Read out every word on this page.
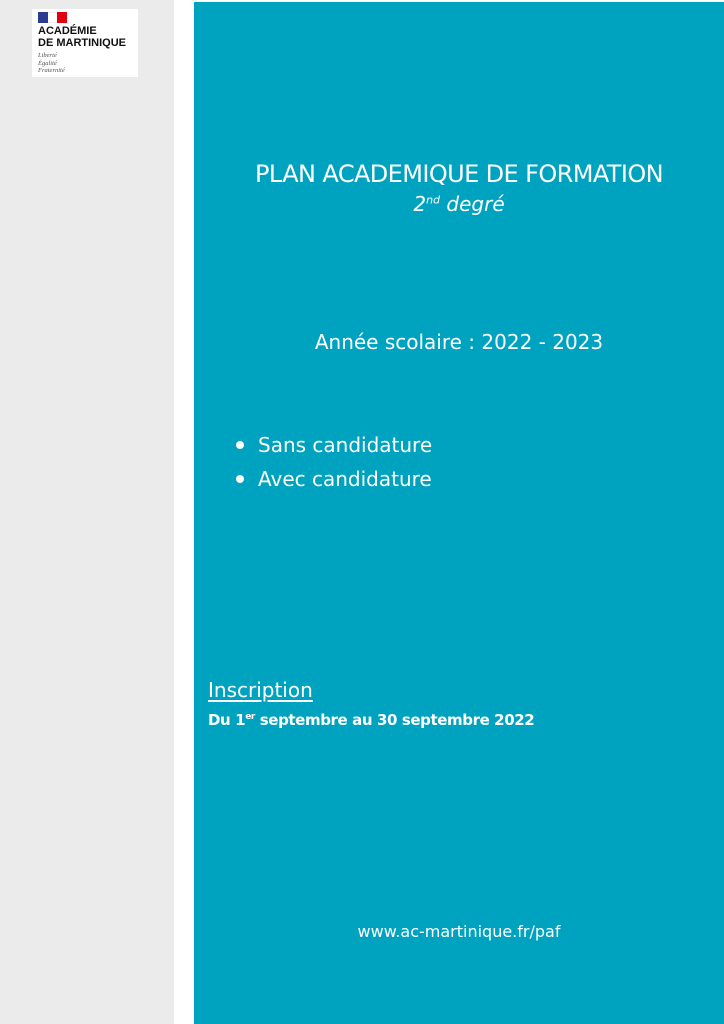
ACADÉMIE
DE MARTINIQUE
Liberté
Égalité
Fraternité
PLAN ACADEMIQUE DE FORMATION
2nd degré
Année scolaire : 2022 - 2023
Sans candidature
Avec candidature
Inscription
Du 1er septembre au 30 septembre 2022
www.ac-martinique.fr/paf
